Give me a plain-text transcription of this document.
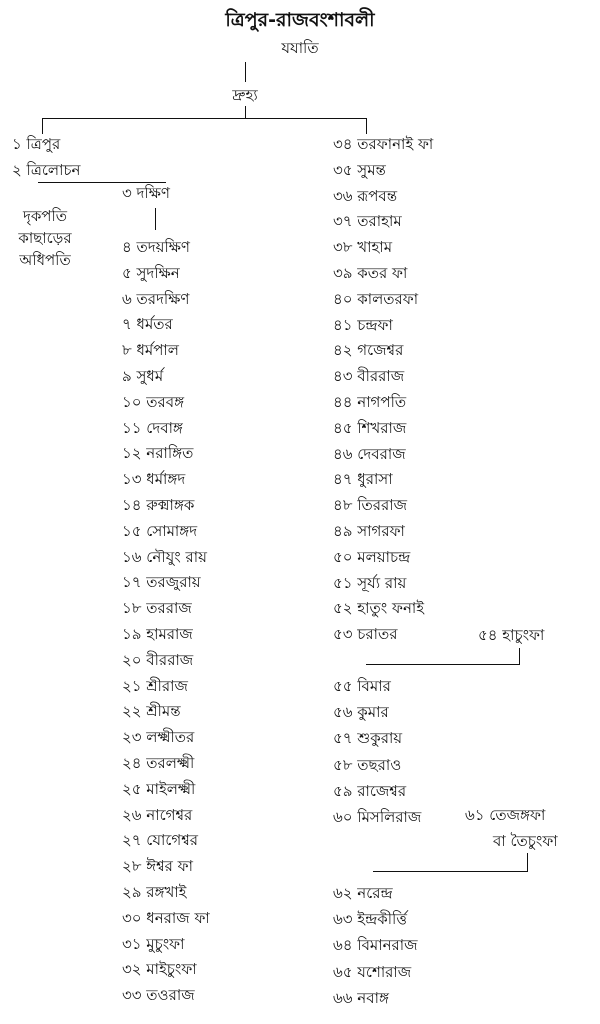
ত্রিপুর-রাজবংশাবলী
যযাতি
দ্রুহ্য
১ ত্রিপুর
২ ত্রিলোচন
দৃকপতি
কাছাড়ের
অধিপতি
৩ দক্ষিণ
৪ তদয়ক্ষিণ
৫ সুদক্ষিন
৬ তরদক্ষিণ
৭ ধর্মতর
৮ ধর্মপাল
৯ সুধর্ম
১০ তরবঙ্গ
১১ দেবাঙ্গ
১২ নরাঙ্গিত
১৩ ধর্মাঙ্গদ
১৪ রুক্মাঙ্গক
১৫ সোমাঙ্গদ
১৬ নৌযুং রায়
১৭ তরজুরায়
১৮ তররাজ
১৯ হামরাজ
২০ বীররাজ
২১ শ্রীরাজ
২২ শ্রীমন্ত
২৩ লক্ষ্মীতর
২৪ তরলক্ষ্মী
২৫ মাইলক্ষ্মী
২৬ নাগেশ্বর
২৭ যোগেশ্বর
২৮ ঈশ্বর ফা
২৯ রঙ্গখাই
৩০ ধনরাজ ফা
৩১ মুচুংফা
৩২ মাইচুংফা
৩৩ তওরাজ
৩৪ তরফানাই ফা
৩৫ সুমন্ত
৩৬ রূপবন্ত
৩৭ তরাহাম
৩৮ খাহাম
৩৯ কতর ফা
৪০ কালতরফা
৪১ চন্দ্রফা
৪২ গজেশ্বর
৪৩ বীররাজ
৪৪ নাগপতি
৪৫ শিখরাজ
৪৬ দেবরাজ
৪৭ ধুরাসা
৪৮ তিররাজ
৪৯ সাগরফা
৫০ মলয়াচন্দ্র
৫১ সূর্য্য রায়
৫২ হাতুং ফনাই
৫৩ চরাতর
৫৫ বিমার
৫৬ কুমার
৫৭ শুকুরায়
৫৮ তছরাও
৫৯ রাজেশ্বর
৬০ মিসলিরাজ
৬২ নরেন্দ্র
৬৩ ইন্দ্রকীর্ত্তি
৬৪ বিমানরাজ
৬৫ যশোরাজ
৬৬ নবাঙ্গ
৫৪ হাচুংফা
৬১ তেজঙ্গফা
বা তৈচুংফা
